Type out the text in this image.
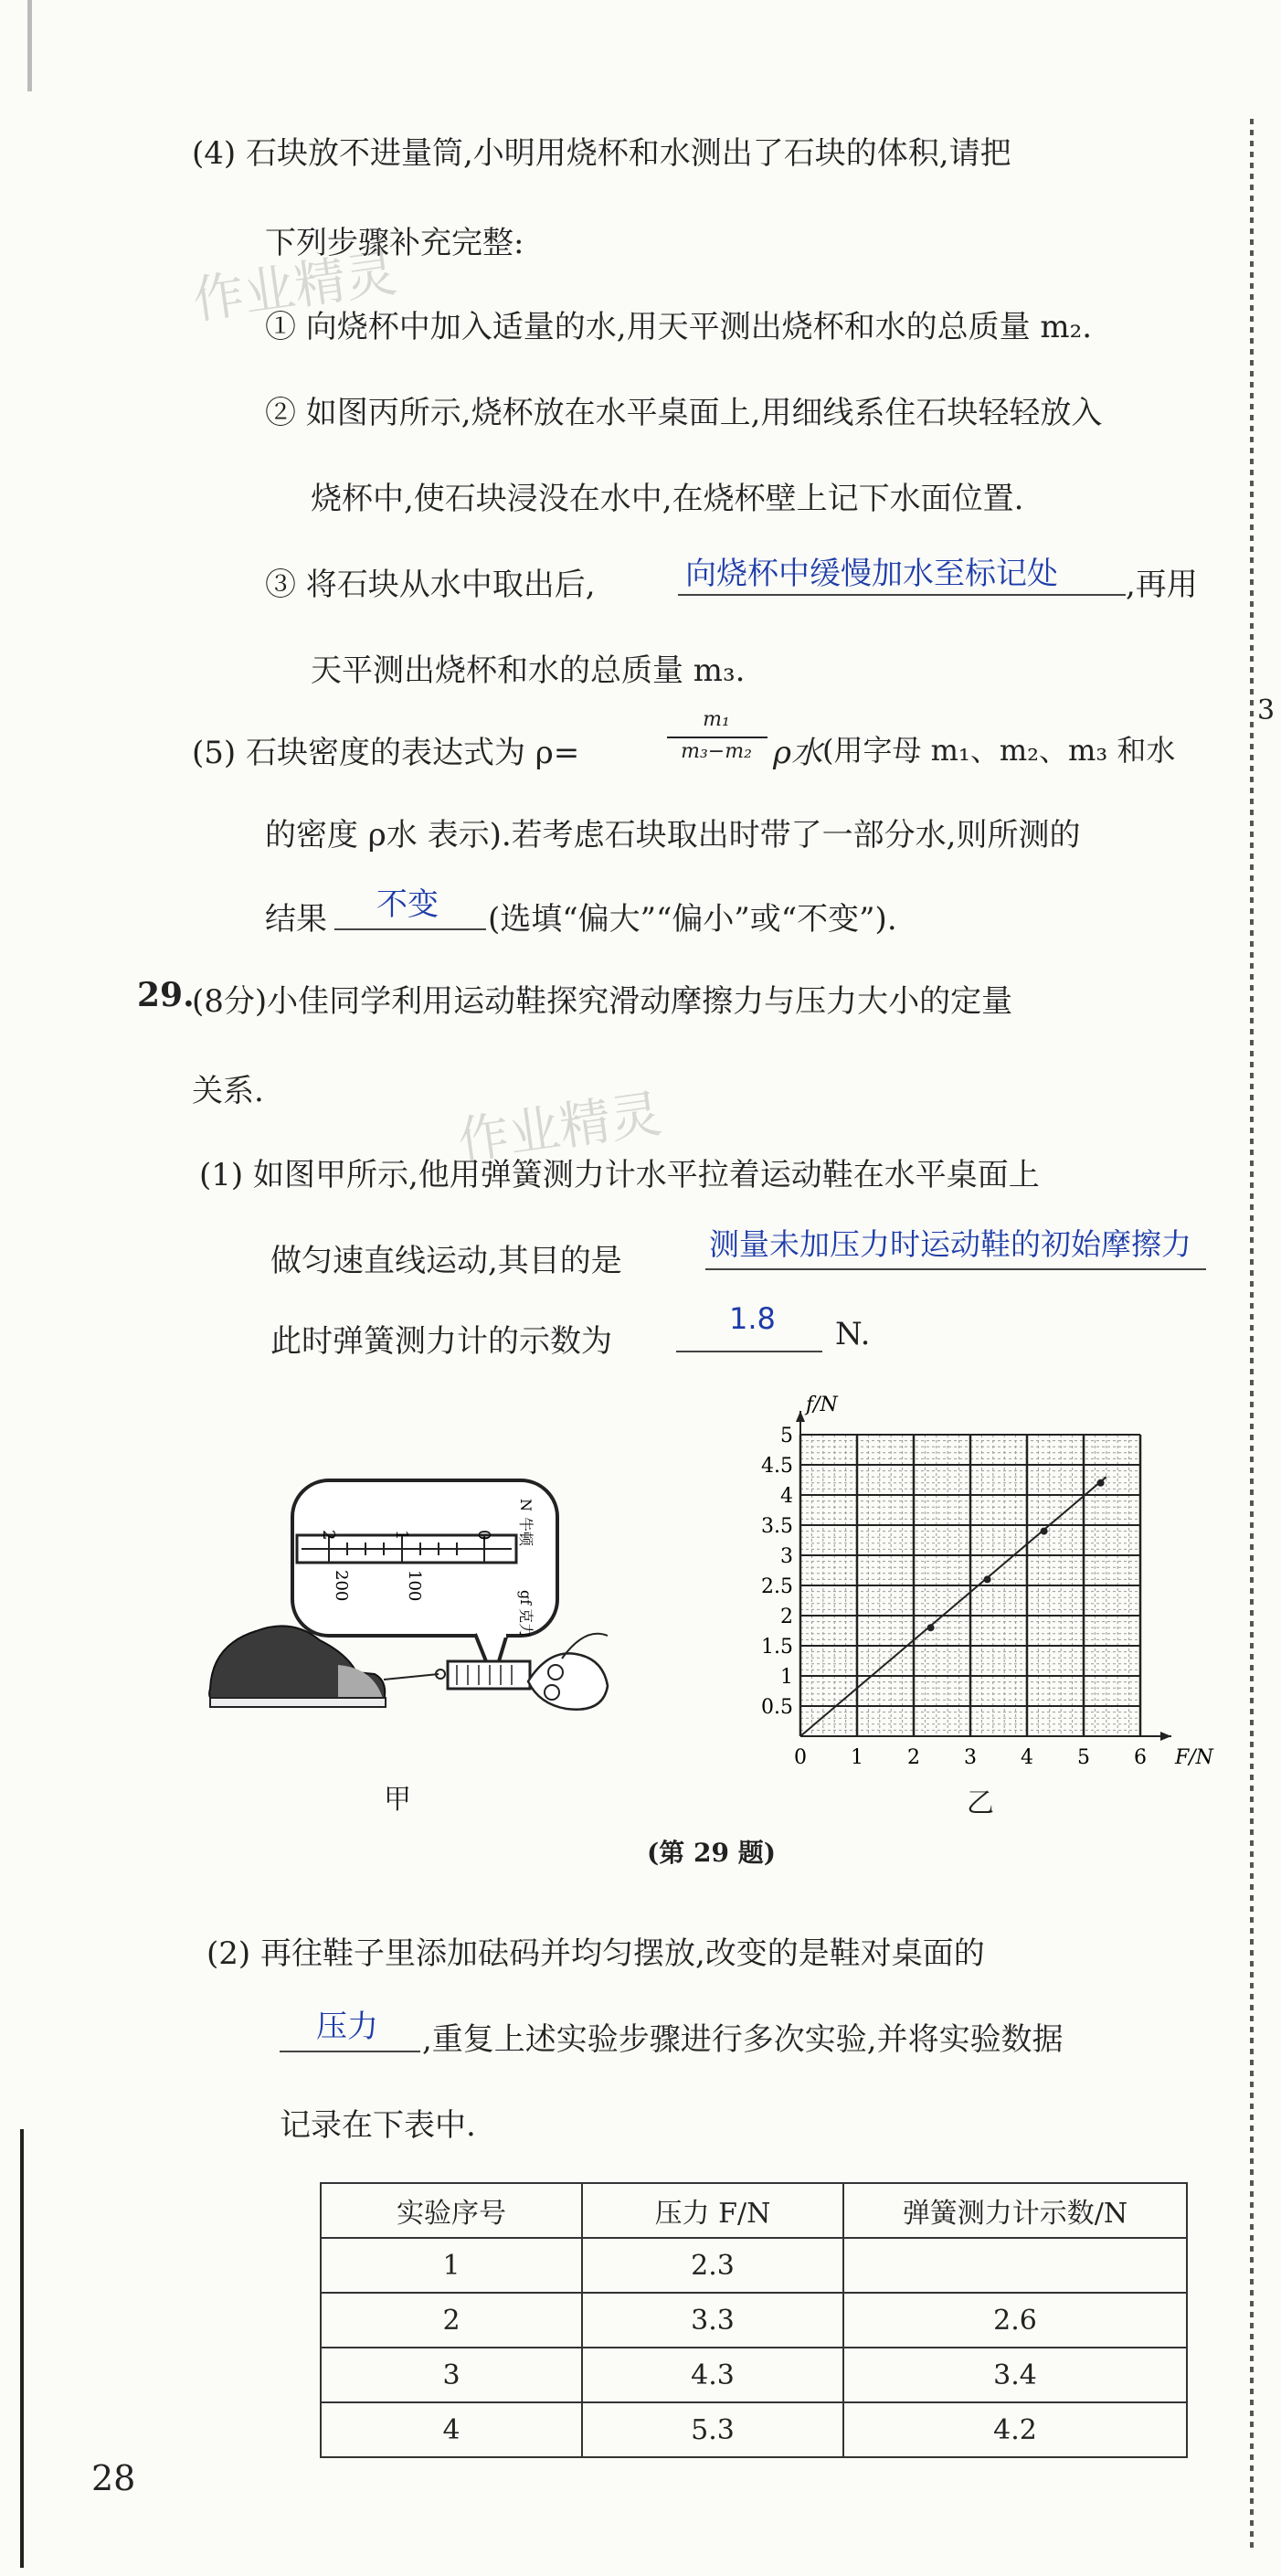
3
作业精灵
作业精灵
(4) 石块放不进量筒,小明用烧杯和水测出了石块的体积,请把
下列步骤补充完整:
① 向烧杯中加入适量的水,用天平测出烧杯和水的总质量 m₂.
② 如图丙所示,烧杯放在水平桌面上,用细线系住石块轻轻放入
烧杯中,使石块浸没在水中,在烧杯壁上记下水面位置.
③ 将石块从水中取出后,	向烧杯中缓慢加水至标记处 ,再用
天平测出烧杯和水的总质量 m₃.
(5) 石块密度的表达式为 ρ=
m₁
m₃−m₂ ρ水 (用字母 m₁、m₂、m₃ 和水
的密度 ρ水 表示).若考虑石块取出时带了一部分水,则所测的
结果 不变 (选填“偏大”“偏小”或“不变”).
29.
(8分)小佳同学利用运动鞋探究滑动摩擦力与压力大小的定量
关系.
(1) 如图甲所示,他用弹簧测力计水平拉着运动鞋在水平桌面上
做匀速直线运动,其目的是	测量未加压力时运动鞋的初始摩擦力
此时弹簧测力计的示数为
1.8 N.
2	1	0
200	100
N
牛顿
gf
克力
甲
0 1 2 3 4 5 6
0.5
1
1.5
2
2.5
3
3.5
4
4.5
5
F/N
f/N
乙
(第 29 题)
(2) 再往鞋子里添加砝码并均匀摆放,改变的是鞋对桌面的
压力 ,重复上述实验步骤进行多次实验,并将实验数据
记录在下表中.
实验序号	压力 F/N	弹簧测力计示数/N
1	2.3	
2	3.3	2.6
3	4.3	3.4
4	5.3	4.2
28
